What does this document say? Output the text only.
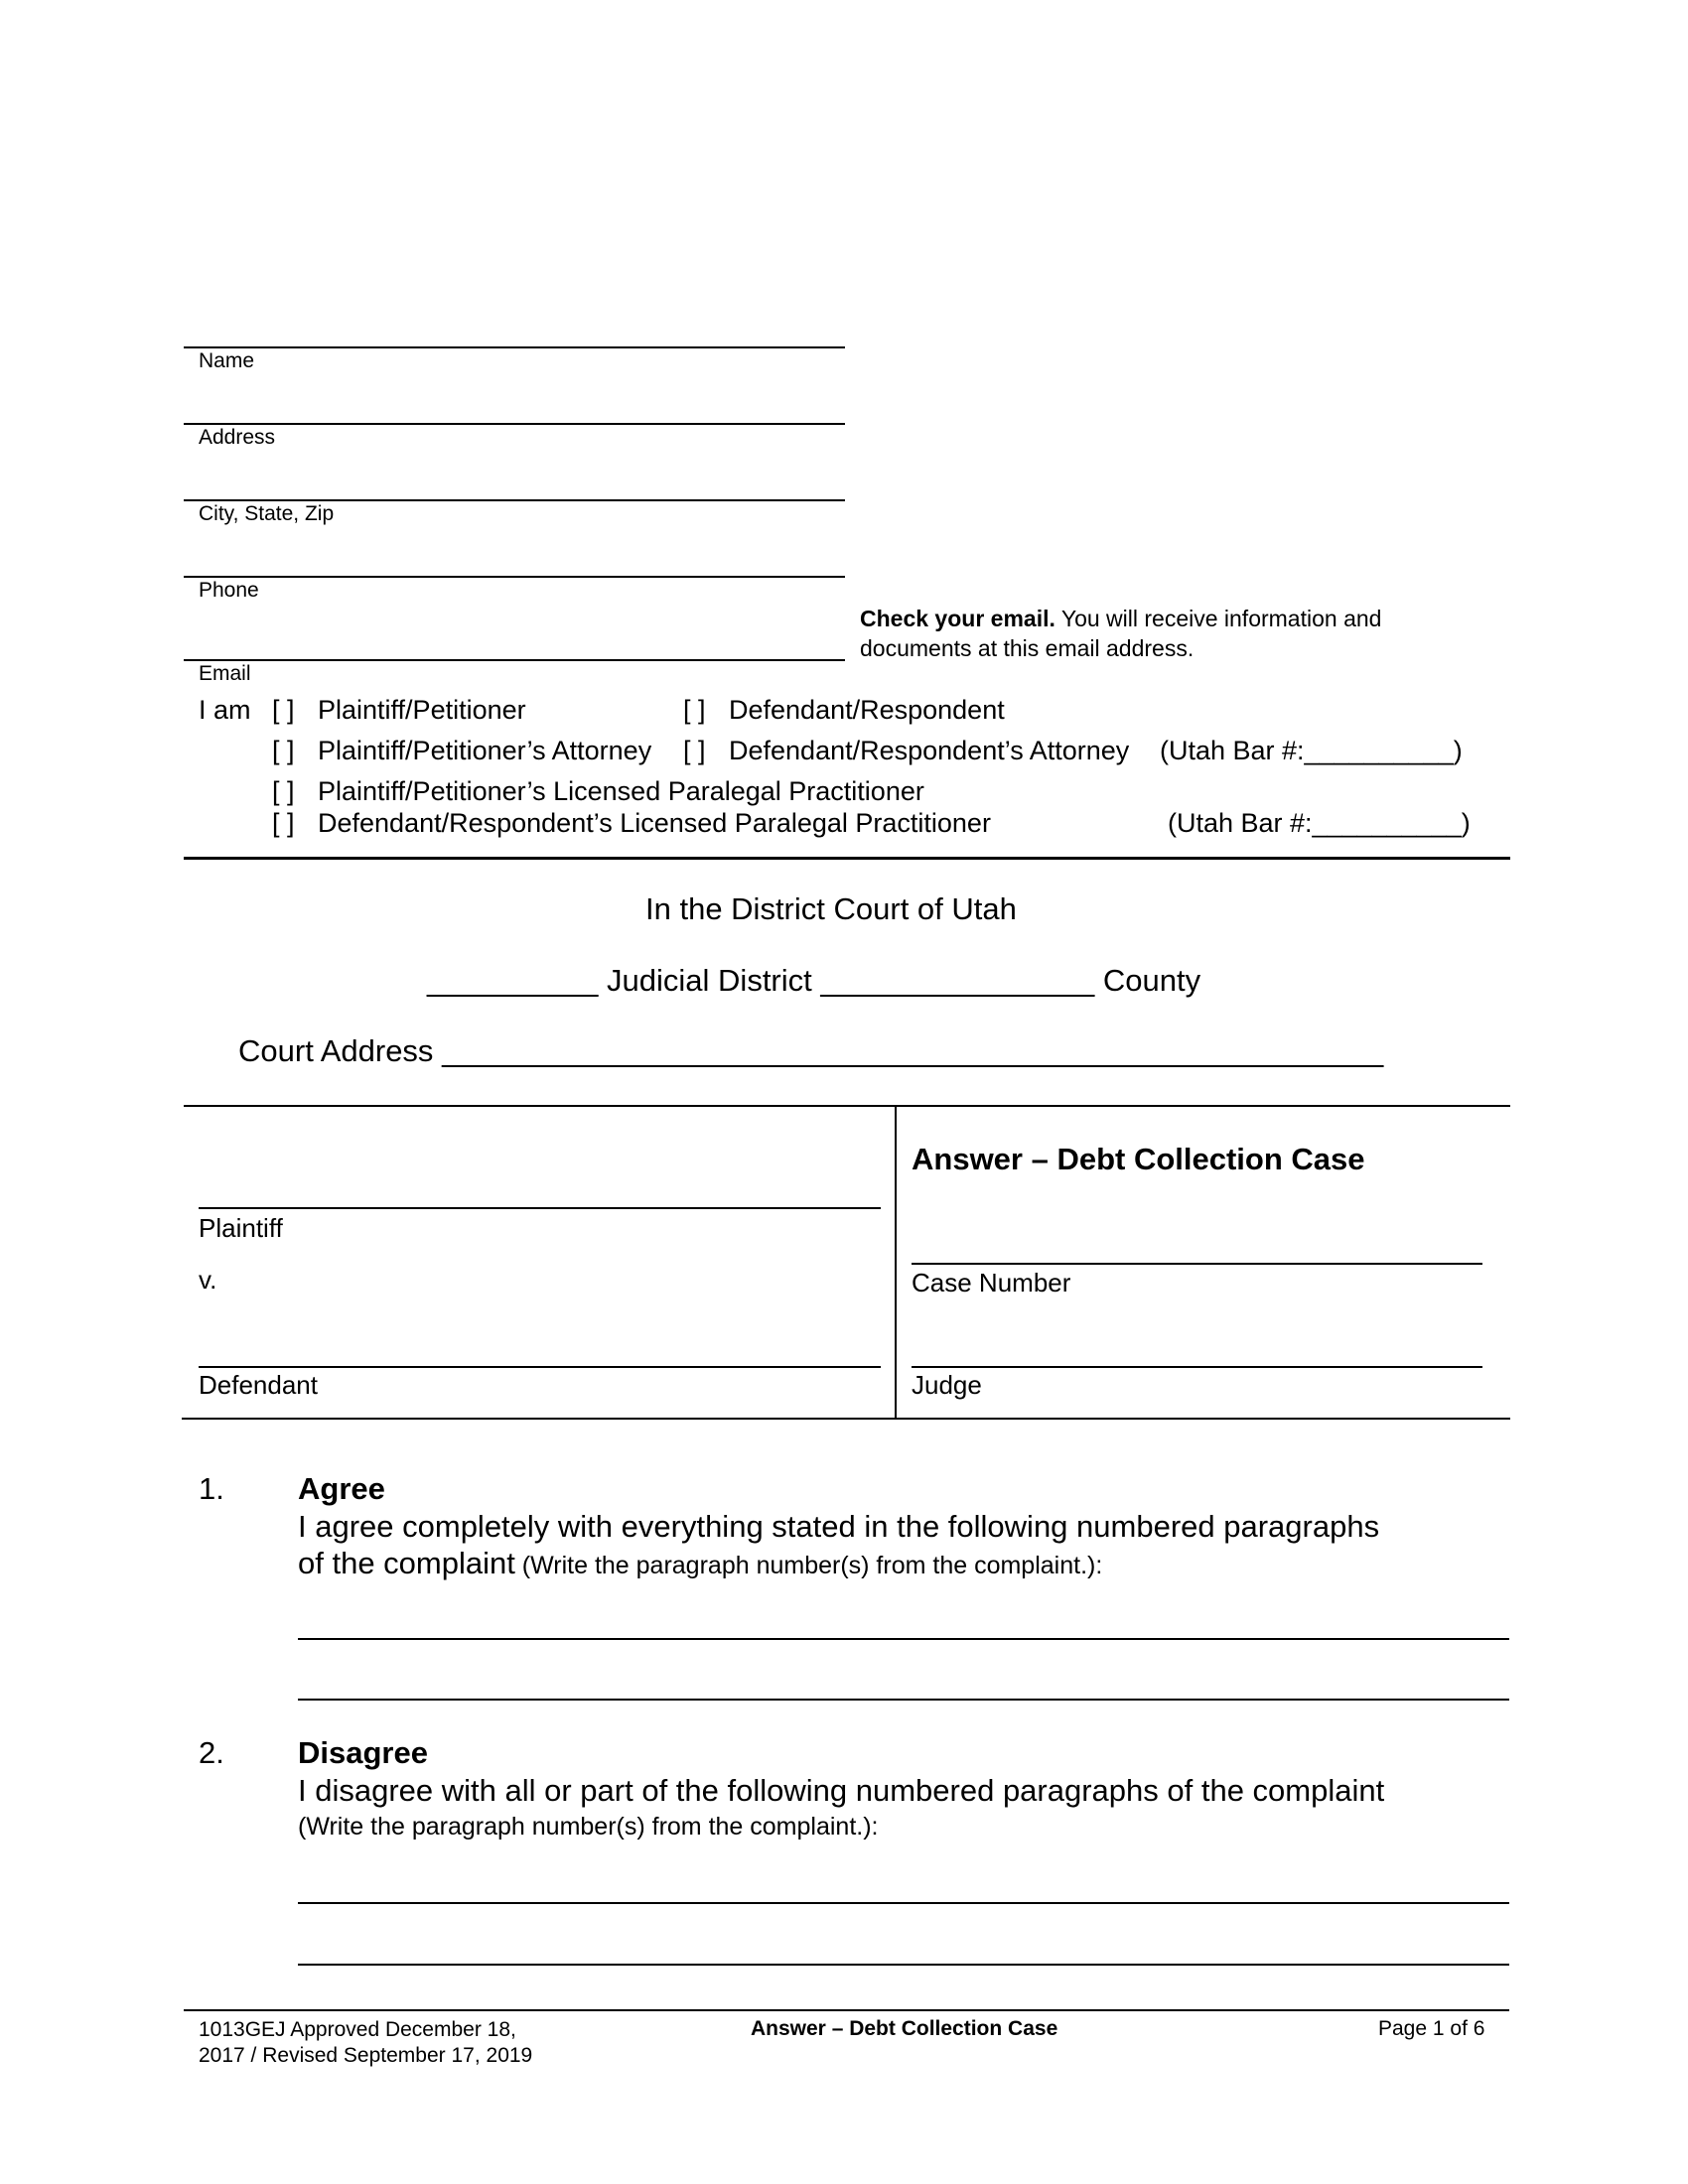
Name
Address
City, State, Zip
Phone
Email
Check your email. You will receive information and
documents at this email address.
I am [ ] Plaintiff/Petitioner	[ ] Defendant/Respondent
[ ] Plaintiff/Petitioner’s Attorney [ ] Defendant/Respondent’s Attorney (Utah Bar #:__________)
[ ] Plaintiff/Petitioner’s Licensed Paralegal Practitioner
[ ] Defendant/Respondent’s Licensed Paralegal Practitioner	(Utah Bar #:__________)
In the District Court of Utah
__________ Judicial District ________________ County
Court Address _______________________________________________________
Plaintiff
v.
Defendant
Answer – Debt Collection Case
Case Number
Judge
1. Agree
I agree completely with everything stated in the following numbered paragraphs
of the complaint (Write the paragraph number(s) from the complaint.):
2. Disagree
I disagree with all or part of the following numbered paragraphs of the complaint
(Write the paragraph number(s) from the complaint.):
1013GEJ Approved December 18,
2017 / Revised September 17, 2019
Answer – Debt Collection Case	Page 1 of 6
